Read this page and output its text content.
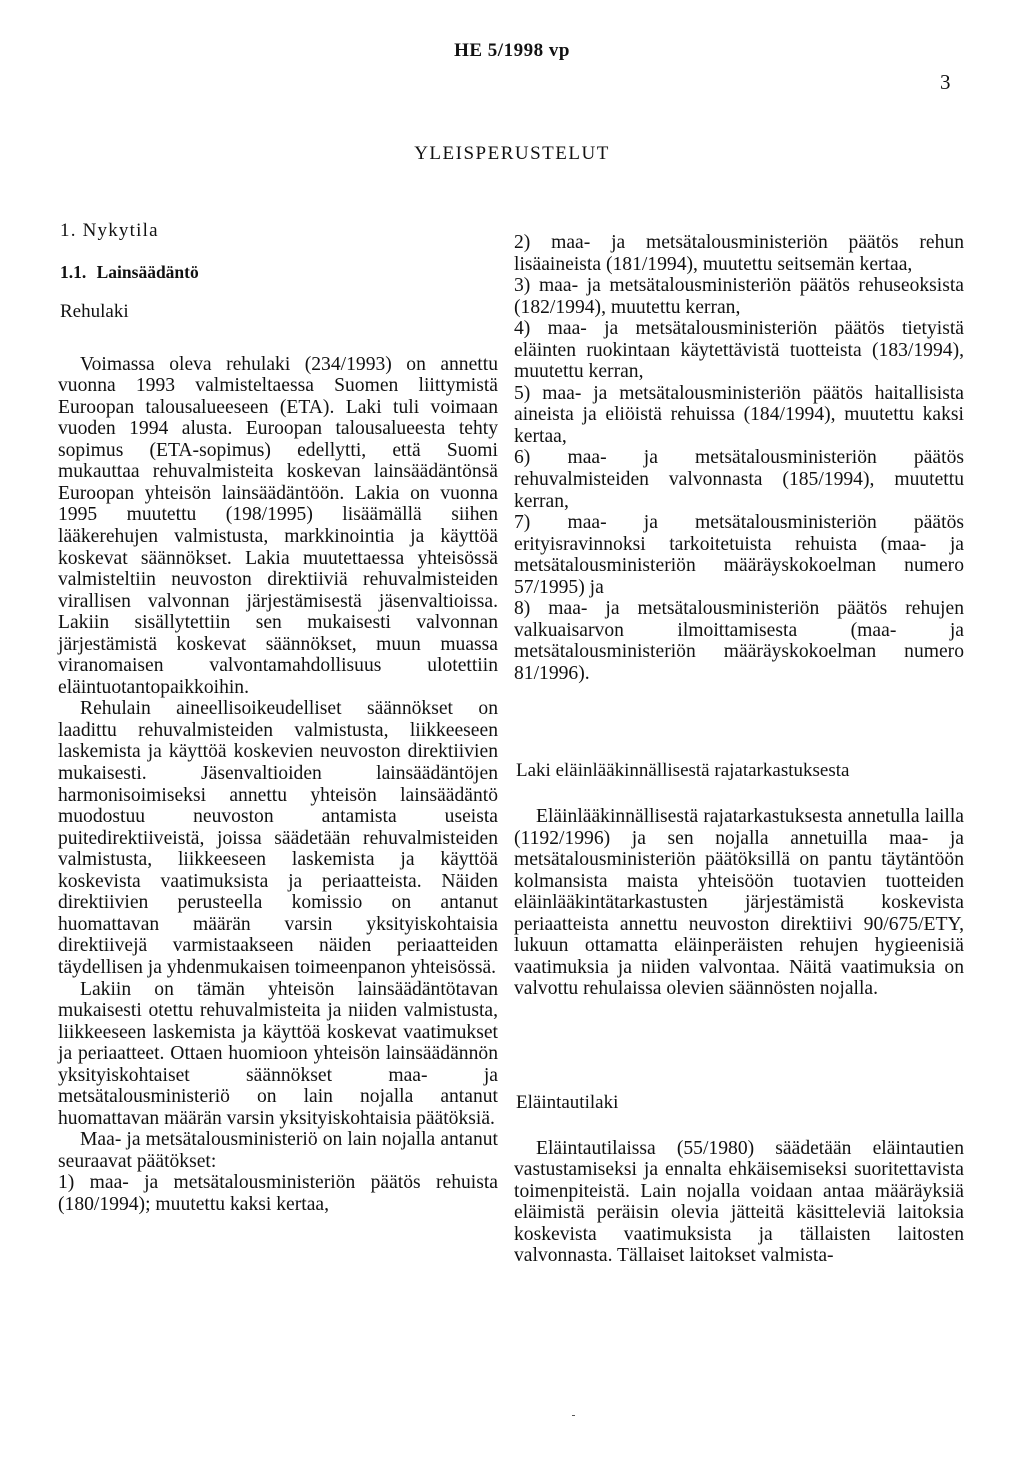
HE 5/1998 vp
3
YLEISPERUSTELUT
1. Nykytila
1.1. Lainsäädäntö
Rehulaki

Voimassa oleva rehulaki (234/1993) on annettu vuonna 1993 valmisteltaessa Suomen liittymistä Euroopan talousalueeseen (ETA). Laki tuli voimaan vuoden 1994 alusta. Euroopan talousalueesta tehty sopimus (ETA-sopimus) edellytti, että Suomi mukauttaa rehuvalmisteita koskevan lainsäädäntönsä Euroopan yhteisön lainsäädäntöön. Lakia on vuonna 1995 muutettu (198/1995) lisäämällä siihen lääkerehujen valmistusta, markkinointia ja käyttöä koskevat säännökset. Lakia muutettaessa yhteisössä valmisteltiin neuvoston direktiiviä rehuvalmisteiden virallisen valvonnan järjestämisestä jäsenvaltioissa. Lakiin sisällytettiin sen mukaisesti valvonnan järjestämistä koskevat säännökset, muun muassa viranomaisen valvontamahdollisuus ulotettiin eläintuotantopaikkoihin.

Rehulain aineellisoikeudelliset säännökset on laadittu rehuvalmisteiden valmistusta, liikkeeseen laskemista ja käyttöä koskevien neuvoston direktiivien mukaisesti. Jäsenvaltioiden lainsäädäntöjen harmonisoimiseksi annettu yhteisön lainsäädäntö muodostuu neuvoston antamista useista puitedirektiiveistä, joissa säädetään rehuvalmisteiden valmistusta, liikkeeseen laskemista ja käyttöä koskevista vaatimuksista ja periaatteista. Näiden direktiivien perusteella komissio on antanut huomattavan määrän varsin yksityiskohtaisia direktiivejä varmistaakseen näiden periaatteiden täydellisen ja yhdenmukaisen toimeenpanon yhteisössä.

Lakiin on tämän yhteisön lainsäädäntötavan mukaisesti otettu rehuvalmisteita ja niiden valmistusta, liikkeeseen laskemista ja käyttöä koskevat vaatimukset ja periaatteet. Ottaen huomioon yhteisön lainsäädännön yksityiskohtaiset säännökset maa- ja metsätalousministeriö on lain nojalla antanut huomattavan määrän varsin yksityiskohtaisia päätöksiä.

Maa- ja metsätalousministeriö on lain nojalla antanut seuraavat päätökset:

1) maa- ja metsätalousministeriön päätös rehuista (180/1994); muutettu kaksi kertaa,

2) maa- ja metsätalousministeriön päätös rehun lisäaineista (181/1994), muutettu seitsemän kertaa,

3) maa- ja metsätalousministeriön päätös rehuseoksista (182/1994), muutettu kerran,

4) maa- ja metsätalousministeriön päätös tietyistä eläinten ruokintaan käytettävistä tuotteista (183/1994), muutettu kerran,

5) maa- ja metsätalousministeriön päätös haitallisista aineista ja eliöistä rehuissa (184/1994), muutettu kaksi kertaa,

6) maa- ja metsätalousministeriön päätös rehuvalmisteiden valvonnasta (185/1994), muutettu kerran,

7) maa- ja metsätalousministeriön päätös erityisravinnoksi tarkoitetuista rehuista (maa- ja metsätalousministeriön määräyskokoelman numero 57/1995) ja

8) maa- ja metsätalousministeriön päätös rehujen valkuaisarvon ilmoittamisesta (maa- ja metsätalousministeriön määräyskokoelman numero 81/1996).

Laki eläinlääkinnällisestä rajatarkastuksesta

Eläinlääkinnällisestä rajatarkastuksesta annetulla lailla (1192/1996) ja sen nojalla annetuilla maa- ja metsätalousministeriön päätöksillä on pantu täytäntöön kolmansista maista yhteisöön tuotavien tuotteiden eläinlääkintätarkastusten järjestämistä koskevista periaatteista annettu neuvoston direktiivi 90/675/ETY, lukuun ottamatta eläinperäisten rehujen hygieenisiä vaatimuksia ja niiden valvontaa. Näitä vaatimuksia on valvottu rehulaissa olevien säännösten nojalla.

Eläintautilaki

Eläintautilaissa (55/1980) säädetään eläintautien vastustamiseksi ja ennalta ehkäisemiseksi suoritettavista toimenpiteistä. Lain nojalla voidaan antaa määräyksiä eläimistä peräisin olevia jätteitä käsitteleviä laitoksia koskevista vaatimuksista ja tällaisten laitosten valvonnasta. Tällaiset laitokset valmista-
